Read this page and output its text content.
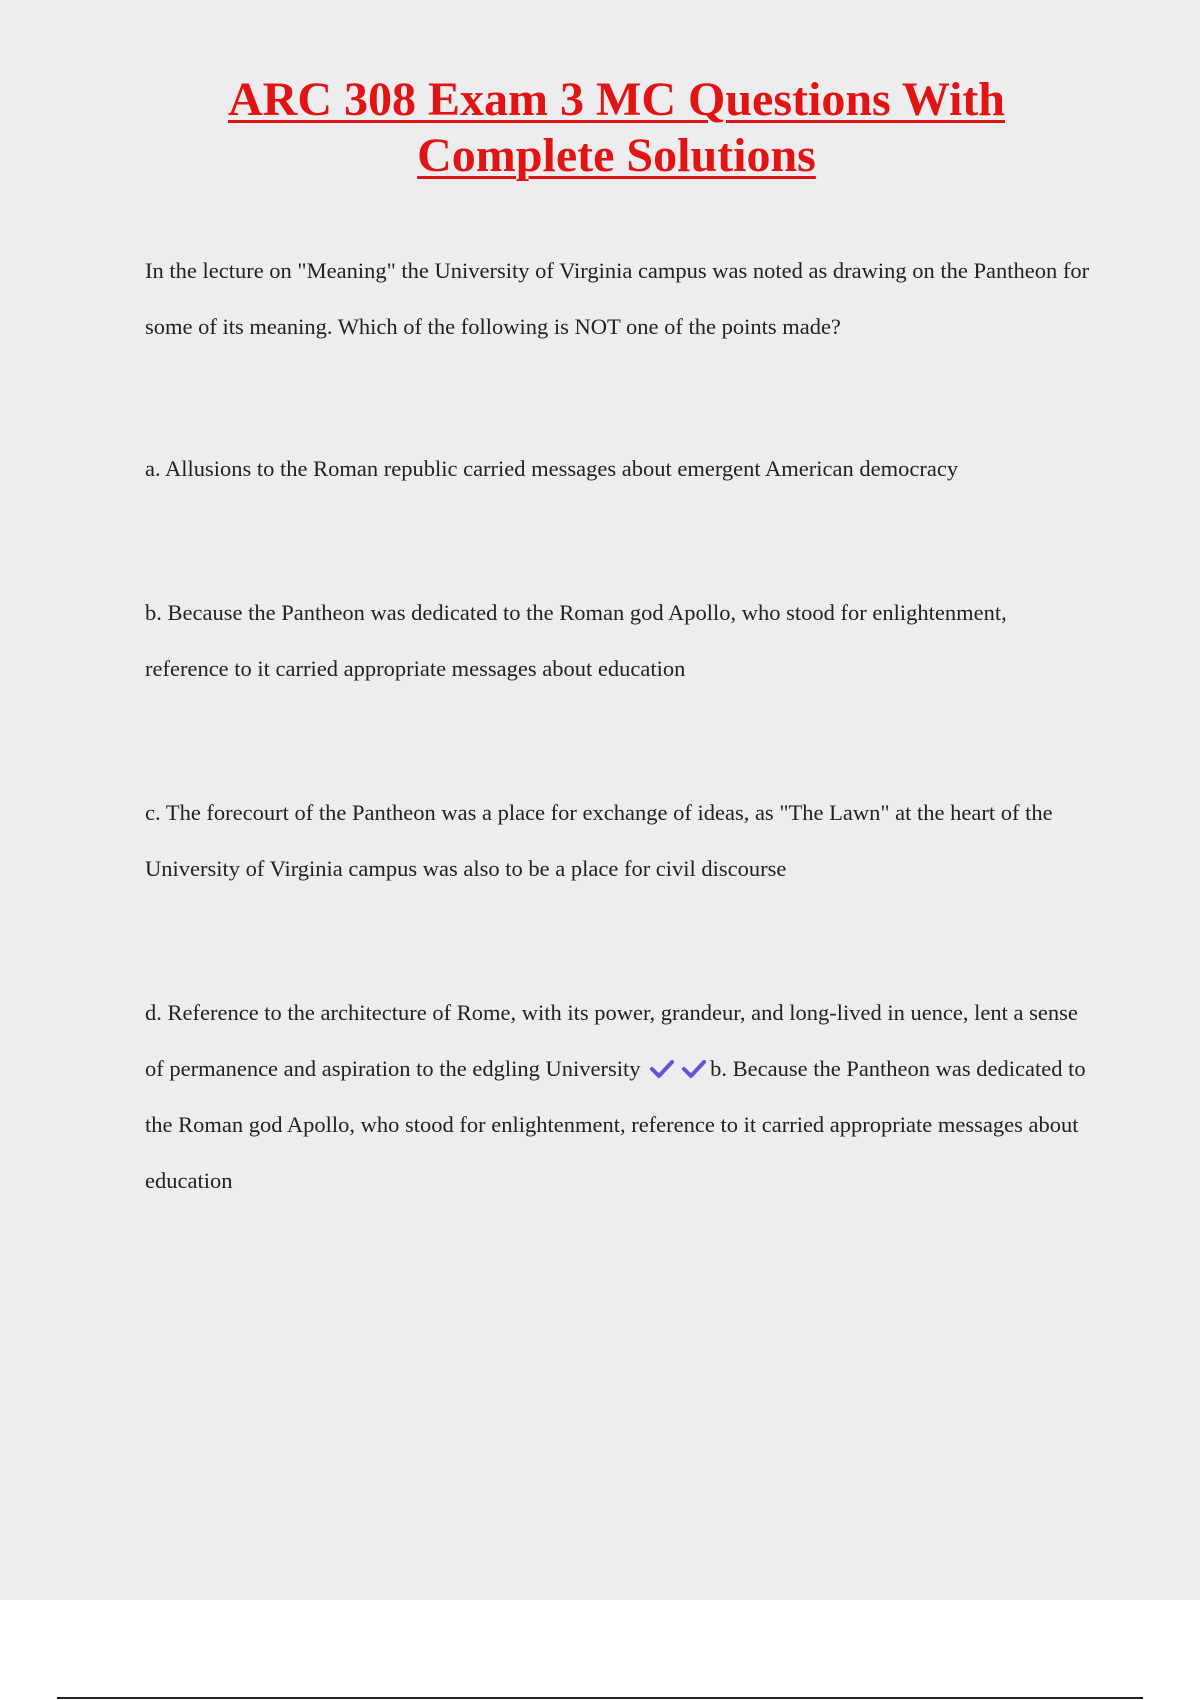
ARC 308 Exam 3 MC Questions With
Complete Solutions

In the lecture on "Meaning" the University of Virginia campus was noted as drawing on the Pantheon for some of its meaning. Which of the following is NOT one of the points made?

a. Allusions to the Roman republic carried messages about emergent American democracy

b. Because the Pantheon was dedicated to the Roman god Apollo, who stood for enlightenment, reference to it carried appropriate messages about education

c. The forecourt of the Pantheon was a place for exchange of ideas, as "The Lawn" at the heart of the University of Virginia campus was also to be a place for civil discourse

d. Reference to the architecture of Rome, with its power, grandeur, and long-lived in uence, lent a sense of permanence and aspiration to the edgling University	b. Because the Pantheon was dedicated to the Roman god Apollo, who stood for enlightenment, reference to it carried appropriate messages about education
